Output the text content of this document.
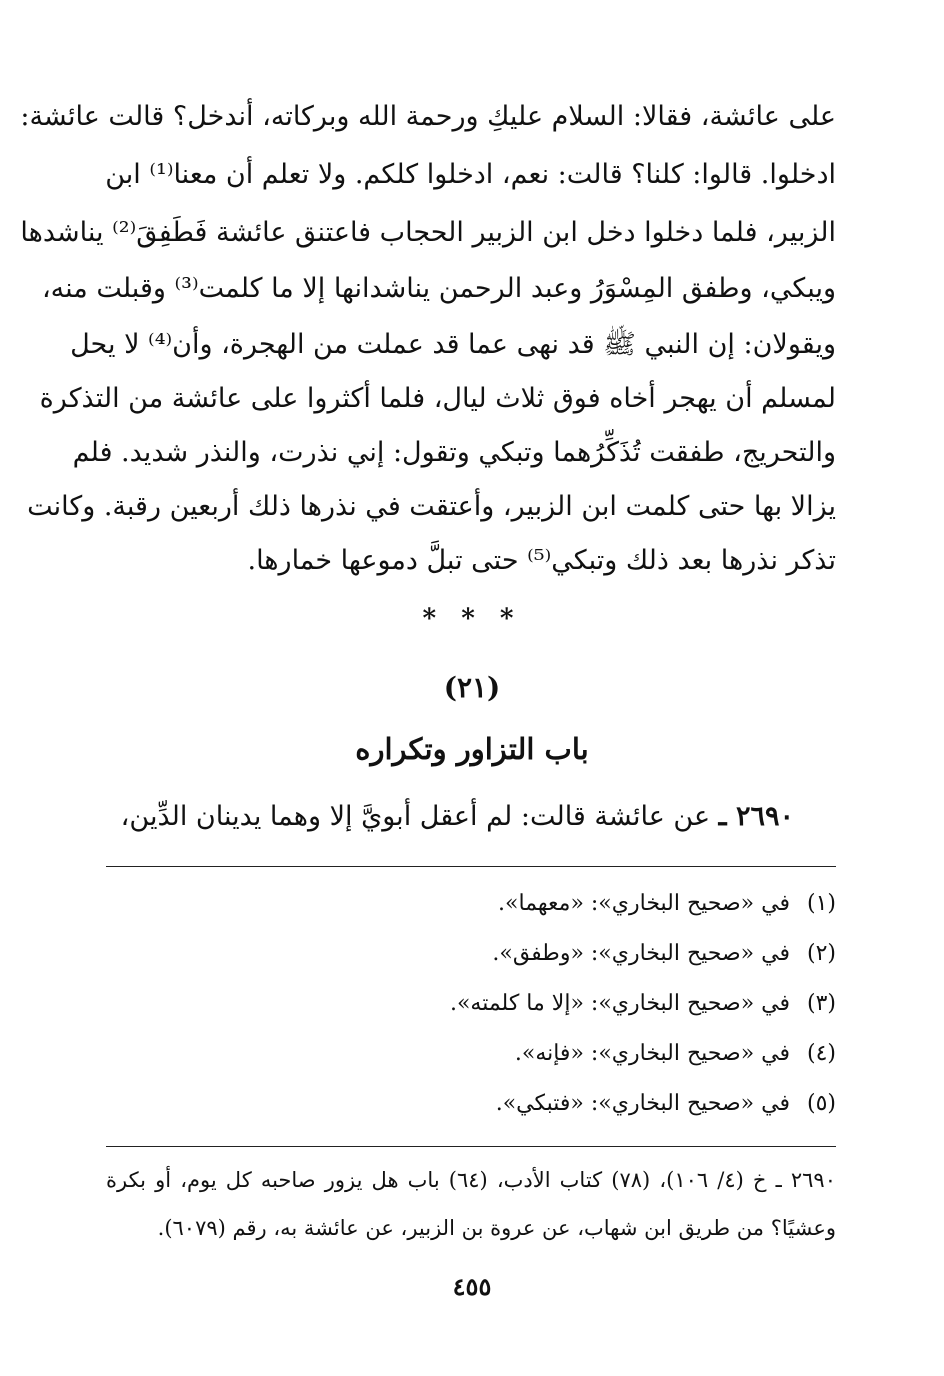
على عائشة، فقالا: السلام عليكِ ورحمة الله وبركاته، أندخل؟ قالت عائشة:
ادخلوا. قالوا: كلنا؟ قالت: نعم، ادخلوا كلكم. ولا تعلم أن معنا⁽¹⁾ ابن
الزبير، فلما دخلوا دخل ابن الزبير الحجاب فاعتنق عائشة فَطَفِقَ⁽²⁾ يناشدها
ويبكي، وطفق المِسْوَرُ وعبد الرحمن يناشدانها إلا ما كلمت⁽³⁾ وقبلت منه،
ويقولان: إن النبي ﷺ قد نهى عما قد عملت من الهجرة، وأن⁽⁴⁾ لا يحل
لمسلم أن يهجر أخاه فوق ثلاث ليال، فلما أكثروا على عائشة من التذكرة
والتحريج، طفقت تُذَكِّرُهما وتبكي وتقول: إني نذرت، والنذر شديد. فلم
يزالا بها حتى كلمت ابن الزبير، وأعتقت في نذرها ذلك أربعين رقبة. وكانت
تذكر نذرها بعد ذلك وتبكي⁽⁵⁾ حتى تبلَّ دموعها خمارها.
* * *
(٢١)
باب التزاور وتكراره
٢٦٩٠ ـ عن عائشة قالت: لم أعقل أبويَّ إلا وهما يدينان الدِّين،
(١)في «صحيح البخاري»: «معهما».
(٢)في «صحيح البخاري»: «وطفق».
(٣)في «صحيح البخاري»: «إلا ما كلمته».
(٤)في «صحيح البخاري»: «فإنه».
(٥)في «صحيح البخاري»: «فتبكي».
٢٦٩٠ ـ خ (٤/ ١٠٦)، (٧٨) كتاب الأدب، (٦٤) باب هل يزور صاحبه كل يوم، أو بكرة
وعشيًا؟ من طريق ابن شهاب، عن عروة بن الزبير، عن عائشة به، رقم (٦٠٧٩).
٤٥٥
